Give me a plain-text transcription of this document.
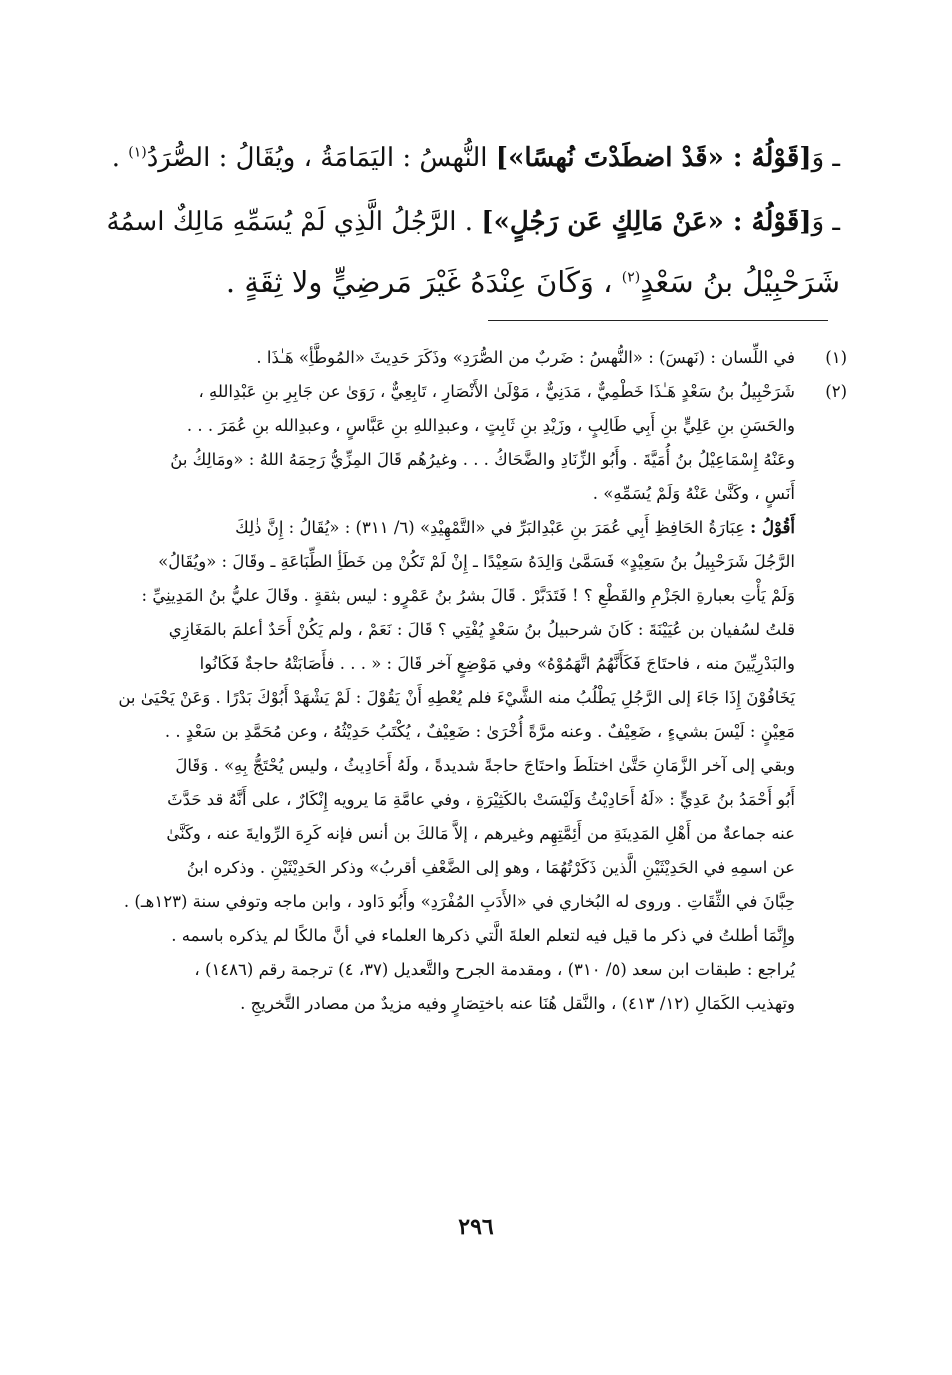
ـ وَ[قَوْلُهُ : «قَدْ اضطَدْتَ نُهسًا»] النُّهسُ : اليَمَامَةُ ، ويُقَالُ : الصُّرَدُ$^{(١)}$ .

ـ وَ[قَوْلُهُ : «عَنْ مَالِكٍ عَن رَجُلٍ»] . الرَّجُلُ الَّذِي لَمْ يُسَمِّهِ مَالِكٌ اسمُهُ

شَرَحْبِيْلُ بنُ سَعْدٍ$^{(٢)}$ ، وَكَانَ عِنْدَهُ غَيْرَ مَرضِيٍّ ولا ثِقَةٍ .

(١)

في اللِّسان : (نَهسَ) : «النُّهسُ : ضَربٌ من الصُّرَدِ» وذَكَرَ حَدِيثَ «المُوطَّأِ» هَـٰذَا .

(٢)

شَرَحْبِيلُ بنُ سَعْدٍ هَـٰذَا خَطْمِيٌّ ، مَدَنِيٌّ ، مَوْلَىٰ الأَنْصَارِ ، تَابِعِيٌّ ، رَوَىٰ عن جَابِرِ بنِ عَبْدِاللهِ ،

والحَسَنِ بنِ عَلِيٍّ بنِ أَبِي طَالِبٍ ، وزَيْدِ بنِ ثَابِتٍ ، وعبدِاللهِ بنِ عَبَّاسٍ ، وعبدِالله بنِ عُمَرَ . . .

وعَنْهُ إِسْمَاعِيْلُ بنُ أُمَيَّةَ . وأَبُو الزِّنَادِ والضَّحَاكُ . . . وغيرُهُم قَالَ المِزِّيُّ رَحِمَهُ اللهُ : «ومَالِكُ بنُ

أَنَسٍ ، وكَنَّىٰ عَنْهُ وَلَمْ يُسَمِّهِ» .

أَقُوْلُ : عِبَارَةُ الحَافِظِ أَبِي عُمَرَ بنِ عَبْدِالبَرِّ في «التَّمْهِيْدِ» (٦/ ٣١١) : «يُقَالُ : إِنَّ ذٰلِكَ

الرَّجُلَ شَرَحْبِيلُ بنُ سَعِيْدٍ» فَسَمَّىٰ وَالِدَهُ سَعِيْدًا ـ إِنْ لَمْ تَكُنْ مِن خَطَأِ الطِّبَاعَةِ ـ وقَالَ : «ويُقَالُ»

وَلَمْ يَأْتِ بعبارةِ الجَزْمِ والقَطْعِ ؟ ! فَتَدَبَّرْ . قَالَ بشرُ بنُ عَمْرٍو : ليس بثقةٍ . وقَالَ عليُّ بنُ المَدِينِيِّ :

قلتُ لسُفيان بن عُيَيْنَةَ : كَانَ شرحبيلُ بنُ سَعْدٍ يُفْتِي ؟ قَالَ : نَعَمْ ، ولم يَكُنْ أَحَدٌ أعلمَ بالمَغَازِي

والبَدْرِيِّينَ منه ، فاحتَاجَ فَكَأَنَّهُمُ اتَّهَمُوْهُ» وفي مَوْضِعٍ آخر قَالَ : « . . . فأَصَابَتْهُ حاجةٌ فَكَانُوا

يَخَافُوْنَ إِذَا جَاءَ إلى الرَّجُلِ يَطْلُبُ منه الشَّيْءَ فلم يُعْطِهِ أَنْ يَقُوْلَ : لَمْ يَشْهَدْ أَبُوْكَ بَدْرًا . وَعَنْ يَحْيَىٰ بن

مَعِيْنٍ : لَيْسَ بشيءٍ ، ضَعِيْفٌ . وعنه مرَّةً أُخْرَىٰ : ضَعِيْفٌ ، يُكْتَبُ حَدِيْثُهُ ، وعن مُحَمَّدِ بن سَعْدٍ . .

وبقي إلى آخر الزَّمَانِ حَتَّىٰ اختلَطَ واحتَاجَ حاجةً شديدةً ، ولَهُ أَحَادِيثُ ، وليس يُحْتَجُّ بِهِ» . وَقَالَ

أَبُو أَحْمَدُ بنُ عَدِيٍّ : «لَهُ أَحَادِيْثُ وَلَيْسَتْ بالكَثِيْرَةِ ، وفي عامَّةِ مَا يرويه إِنْكَارٌ ، على أَنَّهُ قد حَدَّثَ

عنه جماعةٌ من أَهْلِ المَدِينَةِ من أَئِمَّتِهِم وغيرهم ، إلاَّ مَالكَ بن أنس فإنه كَرِهَ الرِّوايةَ عنه ، وكَنَّىٰ

عن اسمِهِ في الحَدِيْثَيْنِ الَّذين ذَكَرْتُهُمَا ، وهو إلى الضَّعْفِ أقربُ» وذكر الحَدِيْثَيْنِ . وذكره ابنُ

حِبَّانَ في الثِّقَاتِ . وروى له البُخاري في «الأَدَبِ المُفْرَدِ» وأَبُو دَاود ، وابن ماجه وتوفي سنة (١٢٣هـ) .

وإِنَّمَا أطلتُ في ذكر ما قيل فيه لتعلم العلةَ الَّتي ذكرها العلماء في أنَّ مالكًا لم يذكره باسمه .

يُراجع : طبقات ابن سعد (٥/ ٣١٠) ، ومقدمة الجرح والتَّعديل (٣٧، ٤) ترجمة رقم (١٤٨٦) ،

وتهذيب الكَمَالِ (١٢/ ٤١٣) ، والنَّقل هُنَا عنه باختِصَارٍ وفيه مزيدٌ من مصادر التَّخريجِ .

٢٩٦
